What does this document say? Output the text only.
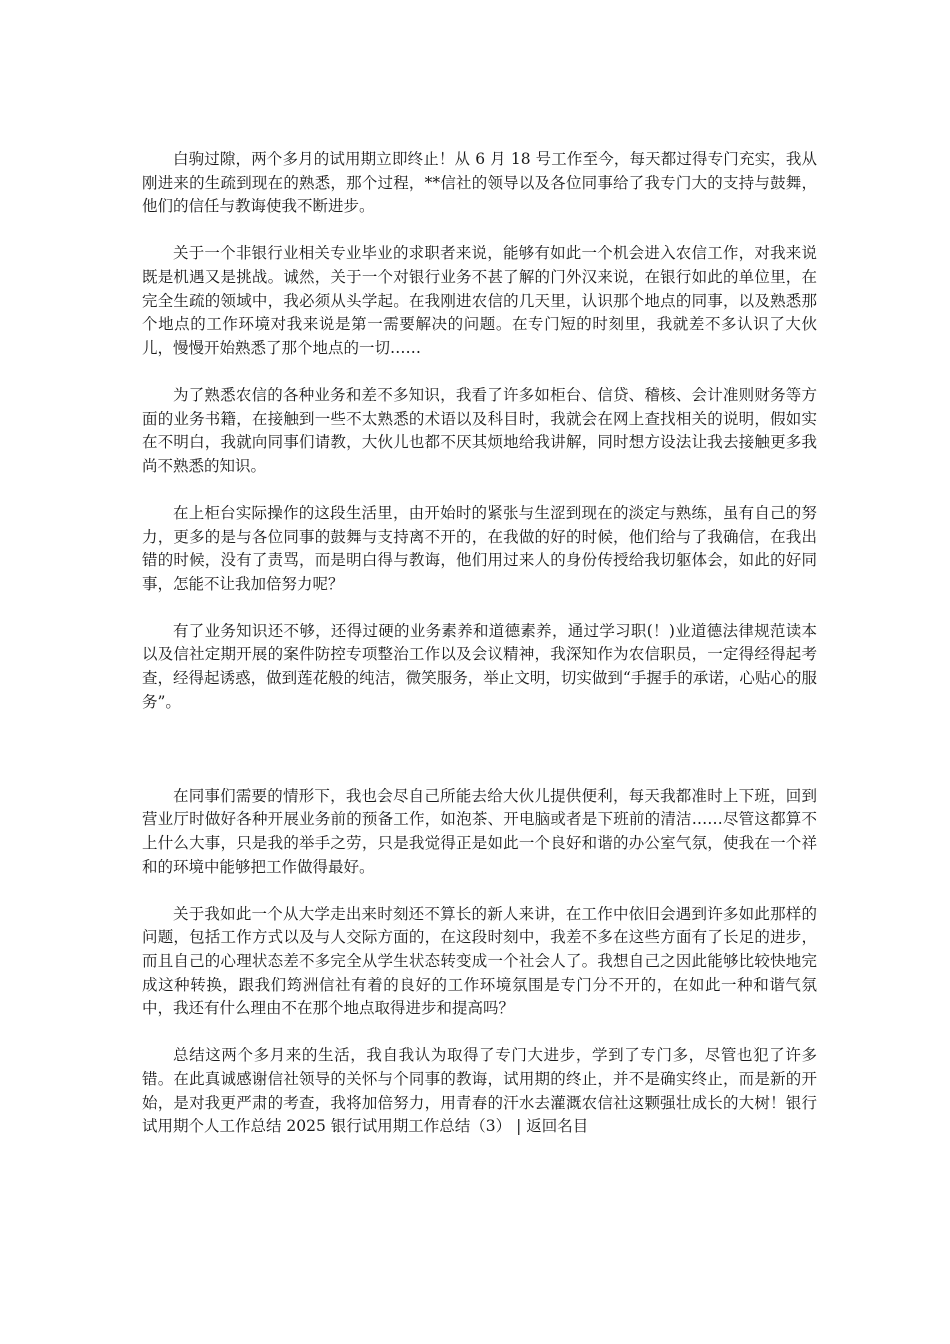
白驹过隙，两个多月的试用期立即终止！从 6 月 18 号工作至今，每天都过得专门充实，我从刚进来的生疏到现在的熟悉，那个过程，**信社的领导以及各位同事给了我专门大的支持与鼓舞，他们的信任与教诲使我不断进步。

关于一个非银行业相关专业毕业的求职者来说，能够有如此一个机会进入农信工作，对我来说既是机遇又是挑战。诚然，关于一个对银行业务不甚了解的门外汉来说，在银行如此的单位里，在完全生疏的领域中，我必须从头学起。在我刚进农信的几天里，认识那个地点的同事，以及熟悉那个地点的工作环境对我来说是第一需要解决的问题。在专门短的时刻里，我就差不多认识了大伙儿，慢慢开始熟悉了那个地点的一切……

为了熟悉农信的各种业务和差不多知识，我看了许多如柜台、信贷、稽核、会计准则财务等方面的业务书籍，在接触到一些不太熟悉的术语以及科目时，我就会在网上查找相关的说明，假如实在不明白，我就向同事们请教，大伙儿也都不厌其烦地给我讲解，同时想方设法让我去接触更多我尚不熟悉的知识。

在上柜台实际操作的这段生活里，由开始时的紧张与生涩到现在的淡定与熟练，虽有自己的努力，更多的是与各位同事的鼓舞与支持离不开的，在我做的好的时候，他们给与了我确信，在我出错的时候，没有了责骂，而是明白得与教诲，他们用过来人的身份传授给我切躯体会，如此的好同事，怎能不让我加倍努力呢？

有了业务知识还不够，还得过硬的业务素养和道德素养，通过学习职(！)业道德法律规范读本以及信社定期开展的案件防控专项整治工作以及会议精神，我深知作为农信职员，一定得经得起考查，经得起诱惑，做到莲花般的纯洁，微笑服务，举止文明，切实做到“手握手的承诺，心贴心的服务”。

在同事们需要的情形下，我也会尽自己所能去给大伙儿提供便利，每天我都准时上下班，回到营业厅时做好各种开展业务前的预备工作，如泡茶、开电脑或者是下班前的清洁……尽管这都算不上什么大事，只是我的举手之劳，只是我觉得正是如此一个良好和谐的办公室气氛，使我在一个祥和的环境中能够把工作做得最好。

关于我如此一个从大学走出来时刻还不算长的新人来讲，在工作中依旧会遇到许多如此那样的问题，包括工作方式以及与人交际方面的，在这段时刻中，我差不多在这些方面有了长足的进步，而且自己的心理状态差不多完全从学生状态转变成一个社会人了。我想自己之因此能够比较快地完成这种转换，跟我们筠洲信社有着的良好的工作环境氛围是专门分不开的，在如此一种和谐气氛中，我还有什么理由不在那个地点取得进步和提高吗？

总结这两个多月来的生活，我自我认为取得了专门大进步，学到了专门多，尽管也犯了许多错。在此真诚感谢信社领导的关怀与个同事的教诲，试用期的终止，并不是确实终止，而是新的开始，是对我更严肃的考查，我将加倍努力，用青春的汗水去灌溉农信社这颗强壮成长的大树！银行试用期个人工作总结 2025 银行试用期工作总结（3） | 返回名目
